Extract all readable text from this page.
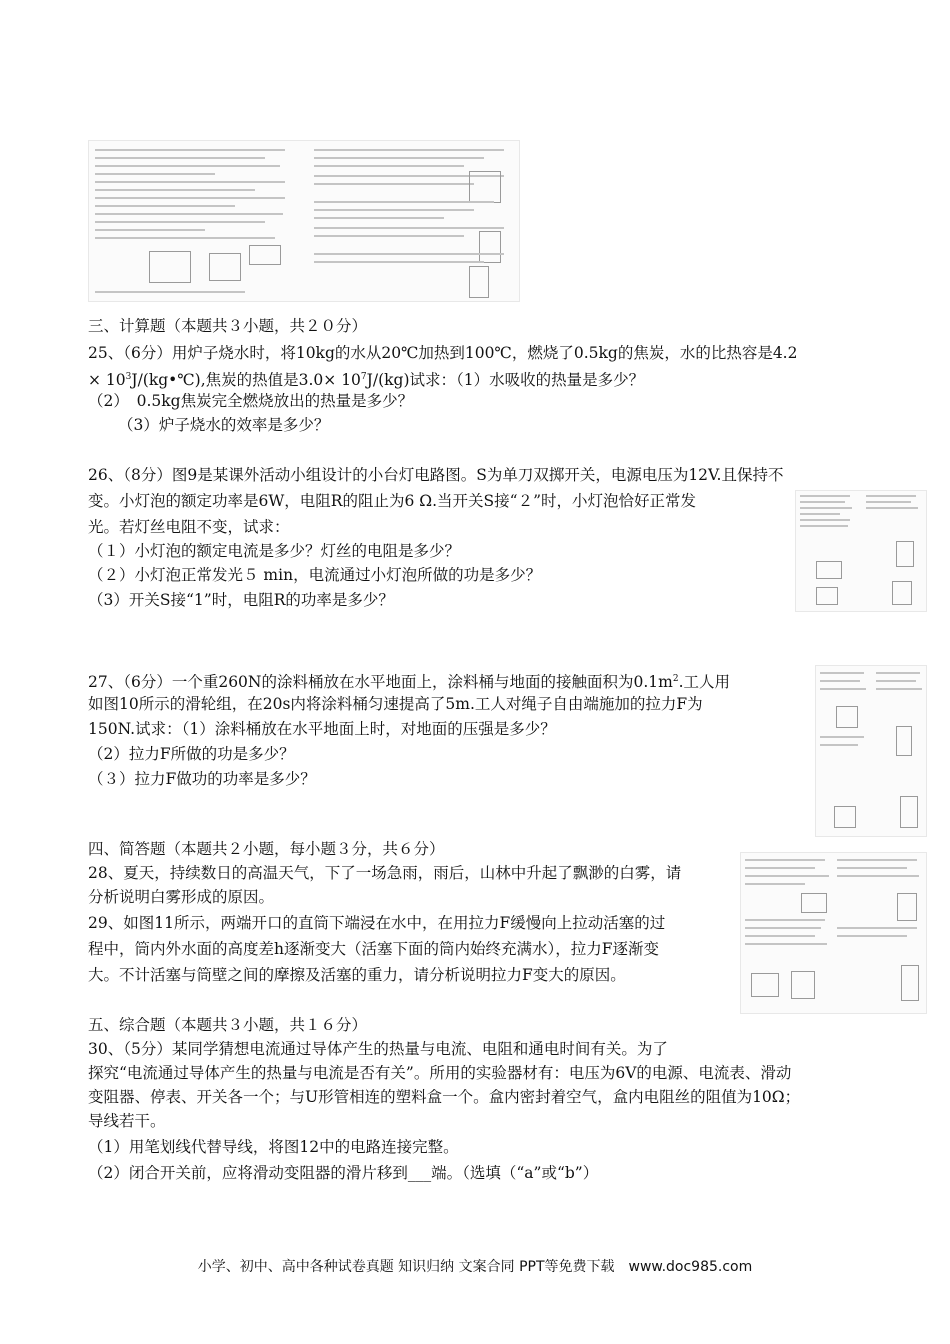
三、计算题（本题共３小题，共２０分）
25、（6分）用炉子烧水时，将10kg的水从20℃加热到100℃，燃烧了0.5kg的焦炭，水的比热容是4.2
× $10^3J/(kg•℃)$,焦炭的热值是$3.0\times 10^7J/(kg)$试求：（1）水吸收的热量是多少？
（2）　0.5kg焦炭完全燃烧放出的热量是多少？
（3）炉子烧水的效率是多少？
26、（8分）图9是某课外活动小组设计的小台灯电路图。S为单刀双掷开关，电源电压为12V.且保持不
变。小灯泡的额定功率是6W，电阻R的阻止为6 Ω.当开关S接“２”时，小灯泡恰好正常发
光。若灯丝电阻不变，试求：
（１）小灯泡的额定电流是多少？灯丝的电阻是多少？
（２）小灯泡正常发光５ min，电流通过小灯泡所做的功是多少？
（3）开关S接“1”时，电阻R的功率是多少？
27、（6分）一个重260N的涂料桶放在水平地面上，涂料桶与地面的接触面积为$0.1m^2$.工人用
如图10所示的滑轮组，在20s内将涂料桶匀速提高了5m.工人对绳子自由端施加的拉力F为
150N.试求：（1）涂料桶放在水平地面上时，对地面的压强是多少？
（2）拉力F所做的功是多少？
（３）拉力F做功的功率是多少？
四、简答题（本题共２小题，每小题３分，共６分）
28、夏天，持续数日的高温天气，下了一场急雨，雨后，山林中升起了飘渺的白雾，请
分析说明白雾形成的原因。
29、如图11所示，两端开口的直筒下端浸在水中，在用拉力F缓慢向上拉动活塞的过
程中，筒内外水面的高度差h逐渐变大（活塞下面的筒内始终充满水），拉力F逐渐变
大。不计活塞与筒壁之间的摩擦及活塞的重力，请分析说明拉力F变大的原因。
五、综合题（本题共３小题，共１６分）
30、（5分）某同学猜想电流通过导体产生的热量与电流、电阻和通电时间有关。为了
探究“电流通过导体产生的热量与电流是否有关”。所用的实验器材有：电压为6V的电源、电流表、滑动
变阻器、停表、开关各一个；与U形管相连的塑料盒一个。盒内密封着空气，盒内电阻丝的阻值为10Ω；
导线若干。
（1）用笔划线代替导线，将图12中的电路连接完整。
（2）闭合开关前，应将滑动变阻器的滑片移到___端。（选填（“a”或“b”）
小学、初中、高中各种试卷真题 知识归纳 文案合同 PPT等免费下载　www.doc985.com
